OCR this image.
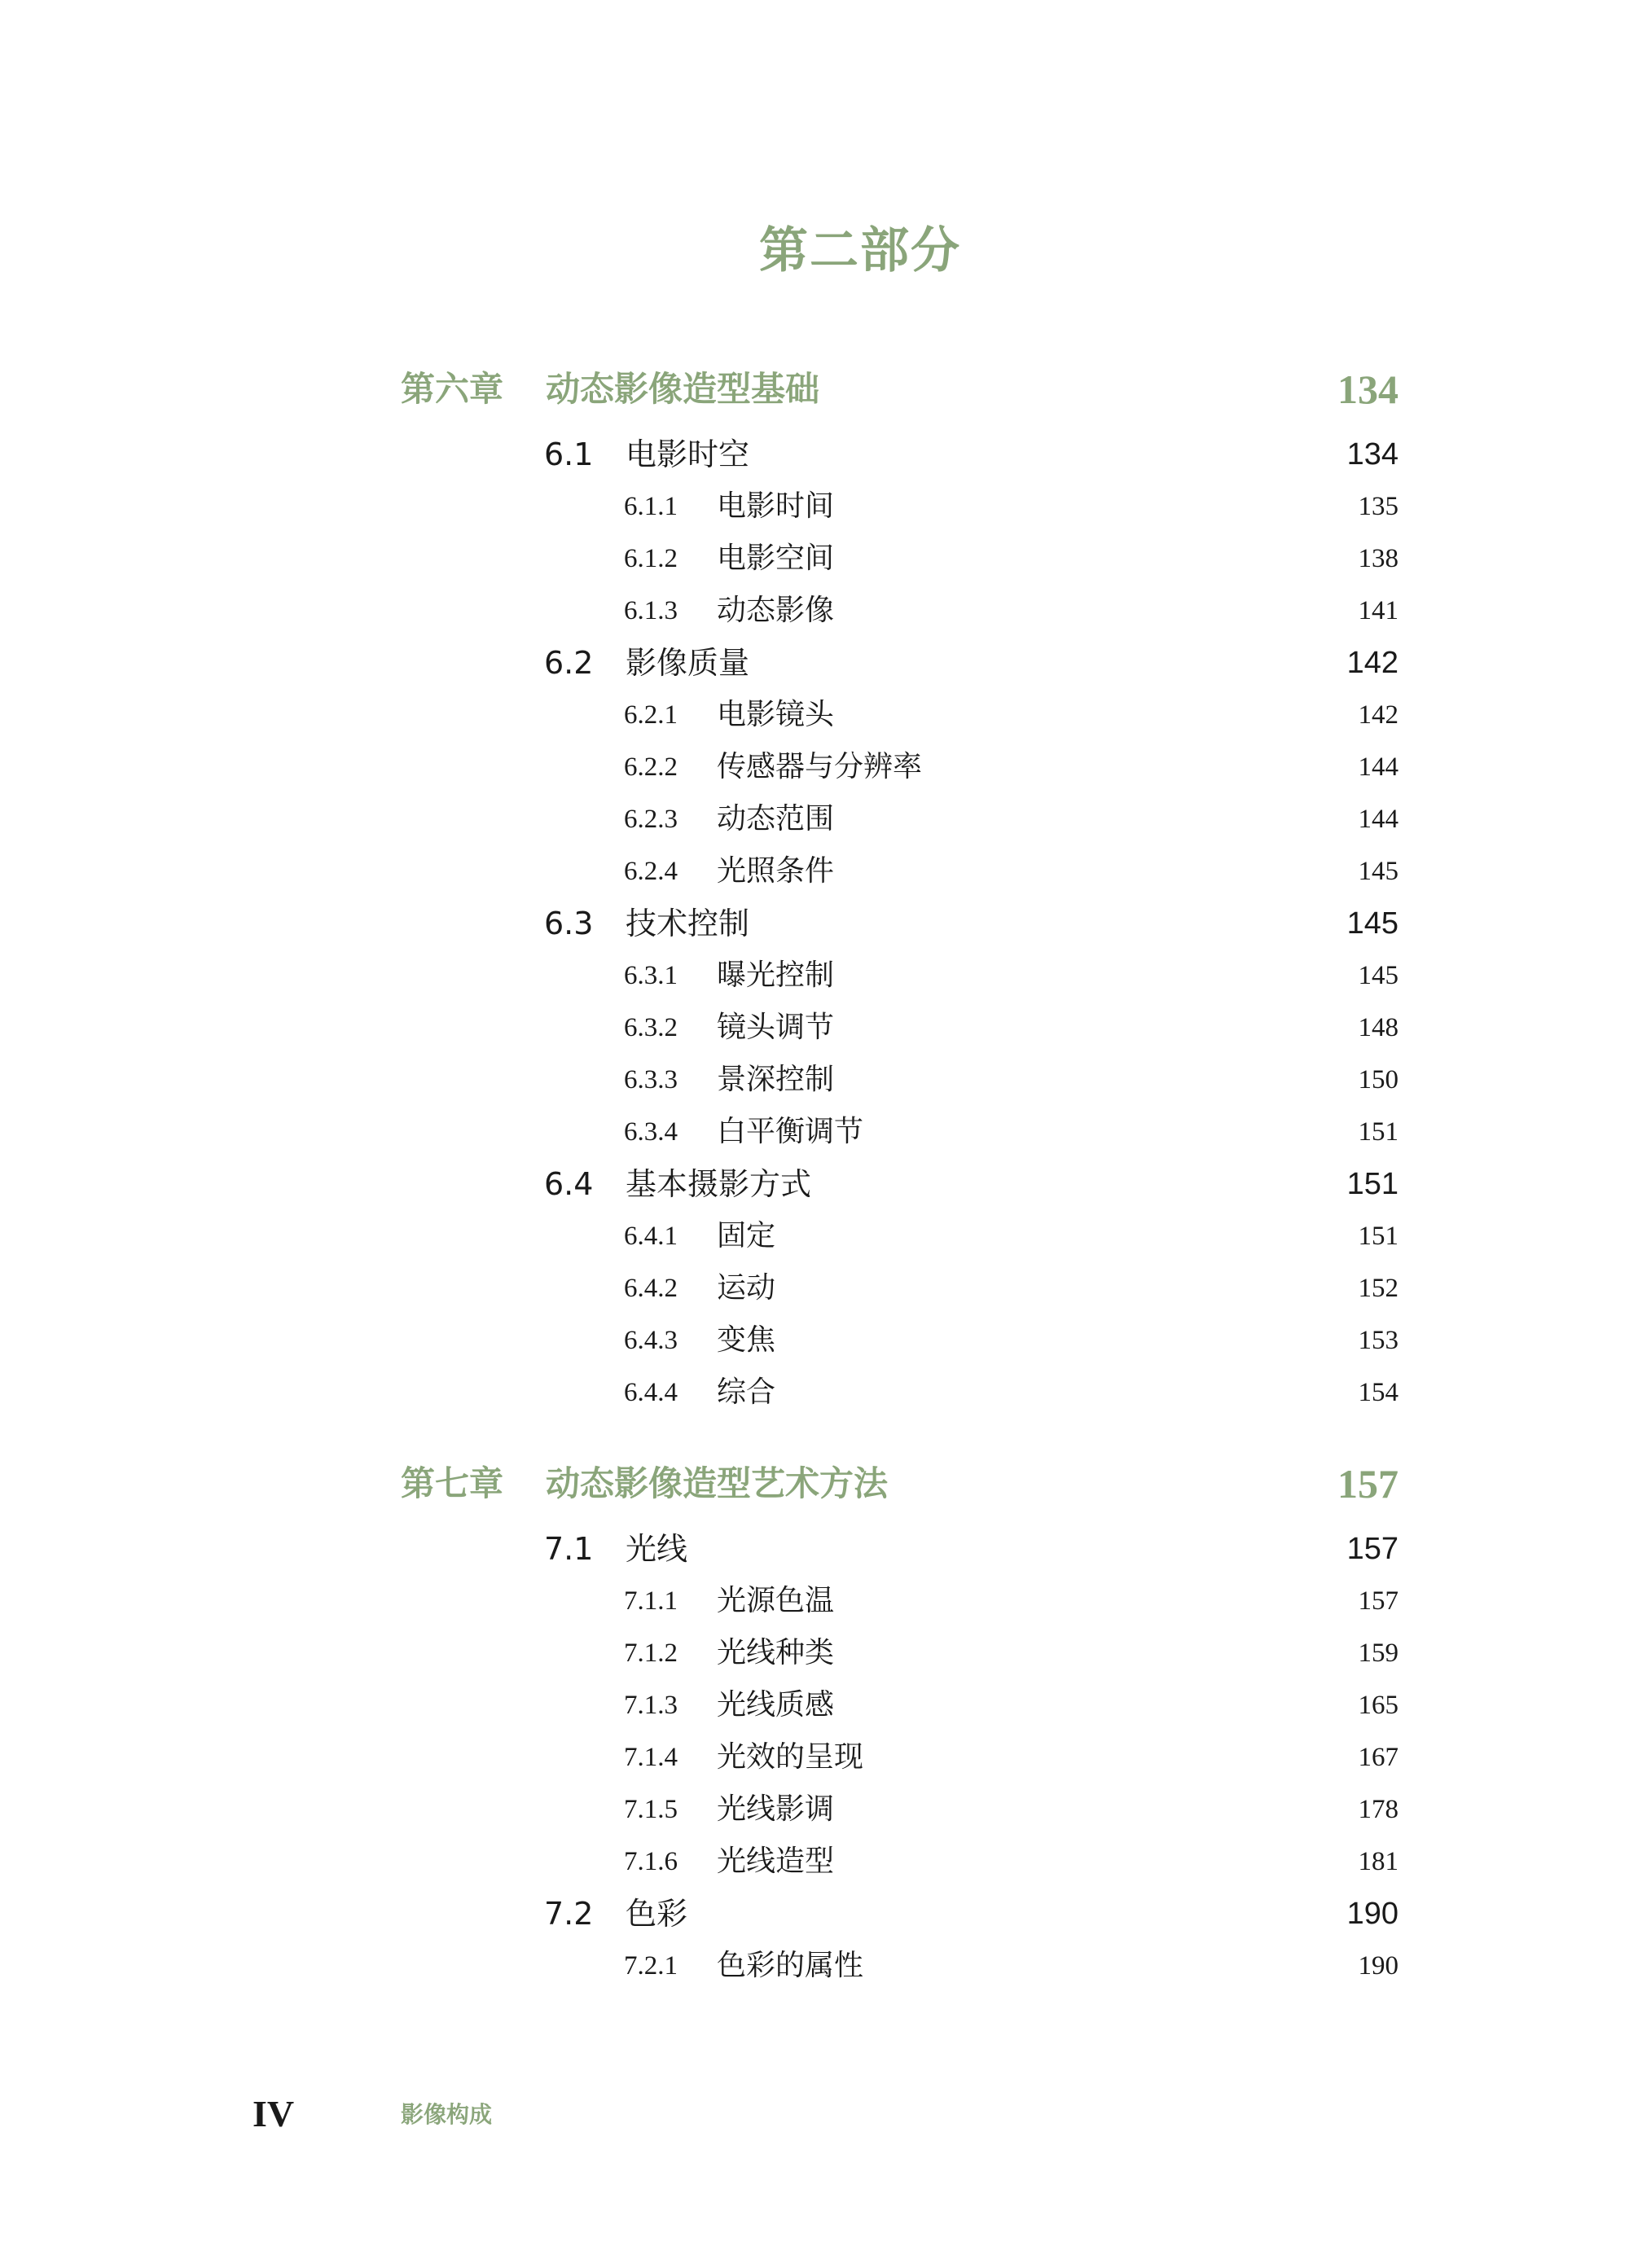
第二部分
第六章 动态影像造型基础	134
6.1 电影时空	134
6.1.1 电影时间	135
6.1.2 电影空间	138
6.1.3 动态影像	141
6.2 影像质量	142
6.2.1 电影镜头	142
6.2.2 传感器与分辨率	144
6.2.3 动态范围	144
6.2.4 光照条件	145
6.3 技术控制	145
6.3.1 曝光控制	145
6.3.2 镜头调节	148
6.3.3 景深控制	150
6.3.4 白平衡调节	151
6.4 基本摄影方式	151
6.4.1 固定	151
6.4.2 运动	152
6.4.3 变焦	153
6.4.4 综合	154
第七章 动态影像造型艺术方法	157
7.1 光线	157
7.1.1 光源色温	157
7.1.2 光线种类	159
7.1.3 光线质感	165
7.1.4 光效的呈现	167
7.1.5 光线影调	178
7.1.6 光线造型	181
7.2 色彩	190
7.2.1 色彩的属性	190
IV	影像构成
